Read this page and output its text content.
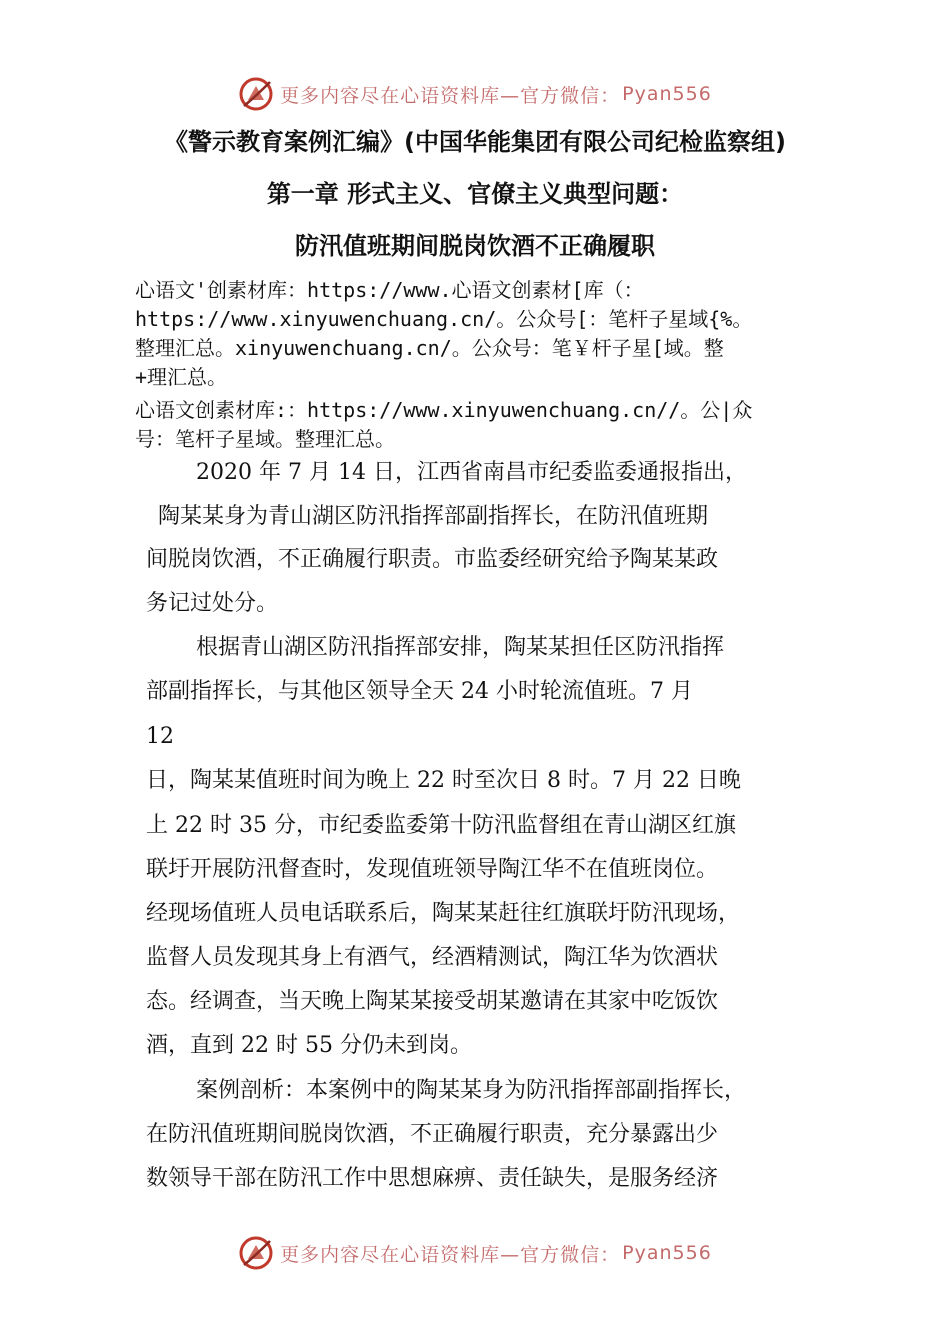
更多内容尽在心语资料库—官方微信： Pyan556
《警示教育案例汇编》(中国华能集团有限公司纪检监察组)
第一章 形式主义、官僚主义典型问题：
防汛值班期间脱岗饮酒不正确履职
心语文'创素材库：https://www.心语文创素材[库（：
https://www.xinyuwenchuang.cn/。公众号[：笔杆子星域{%。
整理汇总。xinyuwenchuang.cn/。公众号：笔￥杆子星[域。整
+理汇总。
心语文创素材库:：https://www.xinyuwenchuang.cn//。公|众
号：笔杆子星域。整理汇总。
2020 年 7 月 14 日，江西省南昌市纪委监委通报指出，
陶某某身为青山湖区防汛指挥部副指挥长，在防汛值班期
间脱岗饮酒，不正确履行职责。市监委经研究给予陶某某政
务记过处分。
根据青山湖区防汛指挥部安排，陶某某担任区防汛指挥
部副指挥长，与其他区领导全天 24 小时轮流值班。7 月
12
日，陶某某值班时间为晚上 22 时至次日 8 时。7 月 22 日晚
上 22 时 35 分，市纪委监委第十防汛监督组在青山湖区红旗
联圩开展防汛督查时，发现值班领导陶江华不在值班岗位。
经现场值班人员电话联系后，陶某某赶往红旗联圩防汛现场，
监督人员发现其身上有酒气，经酒精测试，陶江华为饮酒状
态。经调查，当天晚上陶某某接受胡某邀请在其家中吃饭饮
酒，直到 22 时 55 分仍未到岗。
案例剖析：本案例中的陶某某身为防汛指挥部副指挥长，
在防汛值班期间脱岗饮酒，不正确履行职责，充分暴露出少
数领导干部在防汛工作中思想麻痹、责任缺失，是服务经济
更多内容尽在心语资料库—官方微信： Pyan556
